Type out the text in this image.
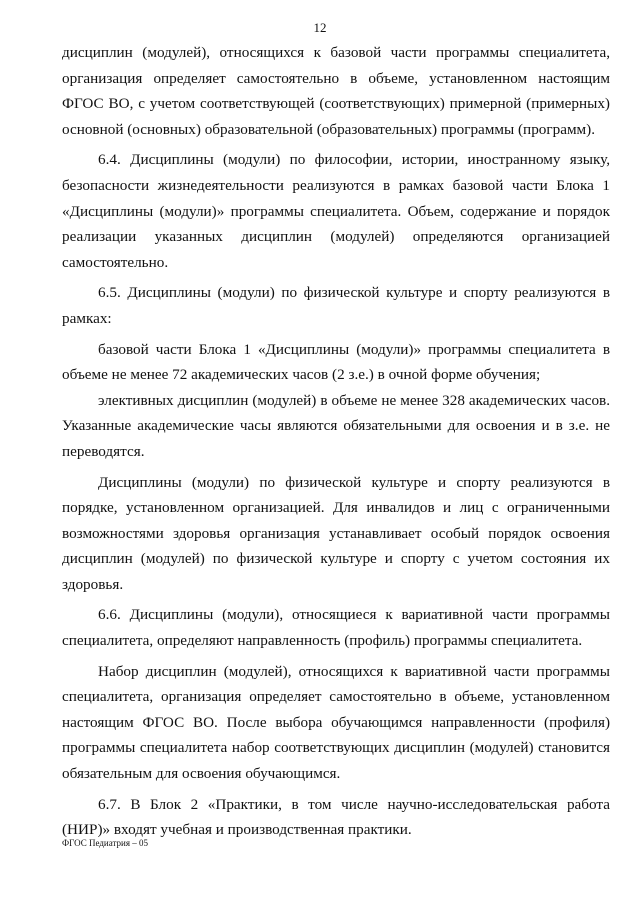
12

дисциплин (модулей), относящихся к базовой части программы специалитета, организация определяет самостоятельно в объеме, установленном настоящим ФГОС ВО, с учетом соответствующей (соответствующих) примерной (примерных) основной (основных) образовательной (образовательных) программы (программ).

6.4. Дисциплины (модули) по философии, истории, иностранному языку, безопасности жизнедеятельности реализуются в рамках базовой части Блока 1 «Дисциплины (модули)» программы специалитета. Объем, содержание и порядок реализации указанных дисциплин (модулей) определяются организацией самостоятельно.

6.5. Дисциплины (модули) по физической культуре и спорту реализуются в рамках:

базовой части Блока 1 «Дисциплины (модули)» программы специалитета в объеме не менее 72 академических часов (2 з.е.) в очной форме обучения;

элективных дисциплин (модулей) в объеме не менее 328 академических часов. Указанные академические часы являются обязательными для освоения и в з.е. не переводятся.

Дисциплины (модули) по физической культуре и спорту реализуются в порядке, установленном организацией. Для инвалидов и лиц с ограниченными возможностями здоровья организация устанавливает особый порядок освоения дисциплин (модулей) по физической культуре и спорту с учетом состояния их здоровья.

6.6. Дисциплины (модули), относящиеся к вариативной части программы специалитета, определяют направленность (профиль) программы специалитета.

Набор дисциплин (модулей), относящихся к вариативной части программы специалитета, организация определяет самостоятельно в объеме, установленном настоящим ФГОС ВО. После выбора обучающимся направленности (профиля) программы специалитета набор соответствующих дисциплин (модулей) становится обязательным для освоения обучающимся.

6.7. В Блок 2 «Практики, в том числе научно-исследовательская работа (НИР)» входят учебная и производственная практики.

ФГОС Педиатрия – 05
